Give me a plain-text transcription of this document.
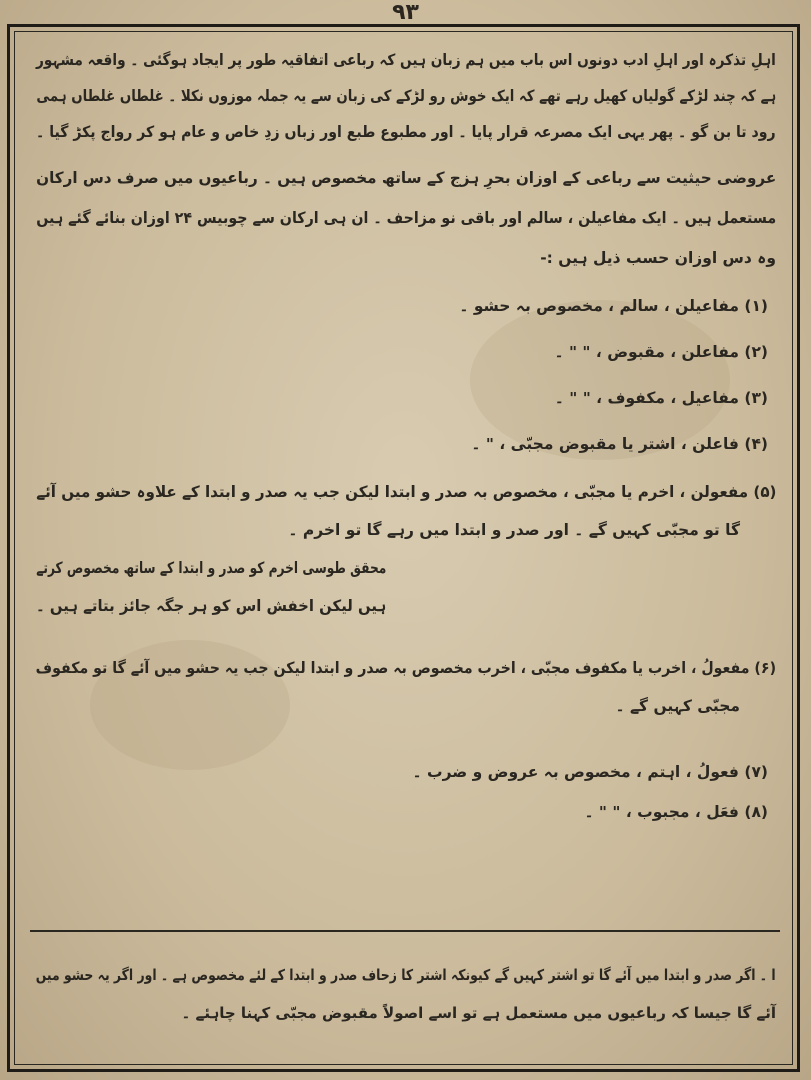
۹۳
اہلِ تذکرہ اور اہلِ ادب دونوں اس باب میں ہم زبان ہیں کہ رباعی اتفاقیہ طور پر ایجاد ہوگئی ۔ واقعہ مشہور
ہے کہ چند لڑکے گولیاں کھیل رہے تھے کہ ایک خوش رو لڑکے کی زبان سے یہ جملہ موزوں نکلا ۔ غلطاں غلطاں ہمی
رود تا بن گو ۔ پھر یہی ایک مصرعہ قرار پایا ۔ اور مطبوع طبع اور زباں زدِ خاص و عام ہو کر رواج پکڑ گیا ۔
عروضی حیثیت سے رباعی کے اوزان بحرِ ہزج کے ساتھ مخصوص ہیں ۔ رباعیوں میں صرف دس ارکان
مستعمل ہیں ۔ ایک مفاعیلن ، سالم اور باقی نو مزاحف ۔ ان ہی ارکان سے چوبیس ۲۴ اوزان بنائے گئے ہیں
وہ دس اوزان حسب ذیل ہیں :-
(۱) مفاعیلن ، سالم ، مخصوص بہ حشو ۔
(۲) مفاعلن ، مقبوض ، " " ۔
(۳) مفاعیل ، مکفوف ، " " ۔
(۴) فاعلن ، اشتر یا مقبوض مجبّی ، " ۔
(۵) مفعولن ، اخرم یا مجبّی ، مخصوص بہ صدر و ابتدا لیکن جب یہ صدر و ابتدا کے علاوہ حشو میں آئے
گا تو مجبّی کہیں گے ۔ اور صدر و ابتدا میں رہے گا تو اخرم ۔
محقق طوسی اخرم کو صدر و ابتدا کے ساتھ مخصوص کرتے
ہیں لیکن اخفش اس کو ہر جگہ جائز بتاتے ہیں ۔
(۶) مفعولُ ، اخرب یا مکفوف مجبّی ، اخرب مخصوص بہ صدر و ابتدا لیکن جب یہ حشو میں آئے گا تو مکفوف
مجبّی کہیں گے ۔
(۷) فعولُ ، اہتم ، مخصوص بہ عروض و ضرب ۔
(۸) فعَل ، مجبوب ، " " ۔
ا ۔ اگر صدر و ابتدا میں آئے گا تو اشتر کہیں گے کیونکہ اشتر کا زحاف صدر و ابتدا کے لئے مخصوص ہے ۔ اور اگر یہ حشو میں
آئے گا جیسا کہ رباعیوں میں مستعمل ہے تو اسے اصولاً مقبوض مجبّی کہنا چاہئے ۔
